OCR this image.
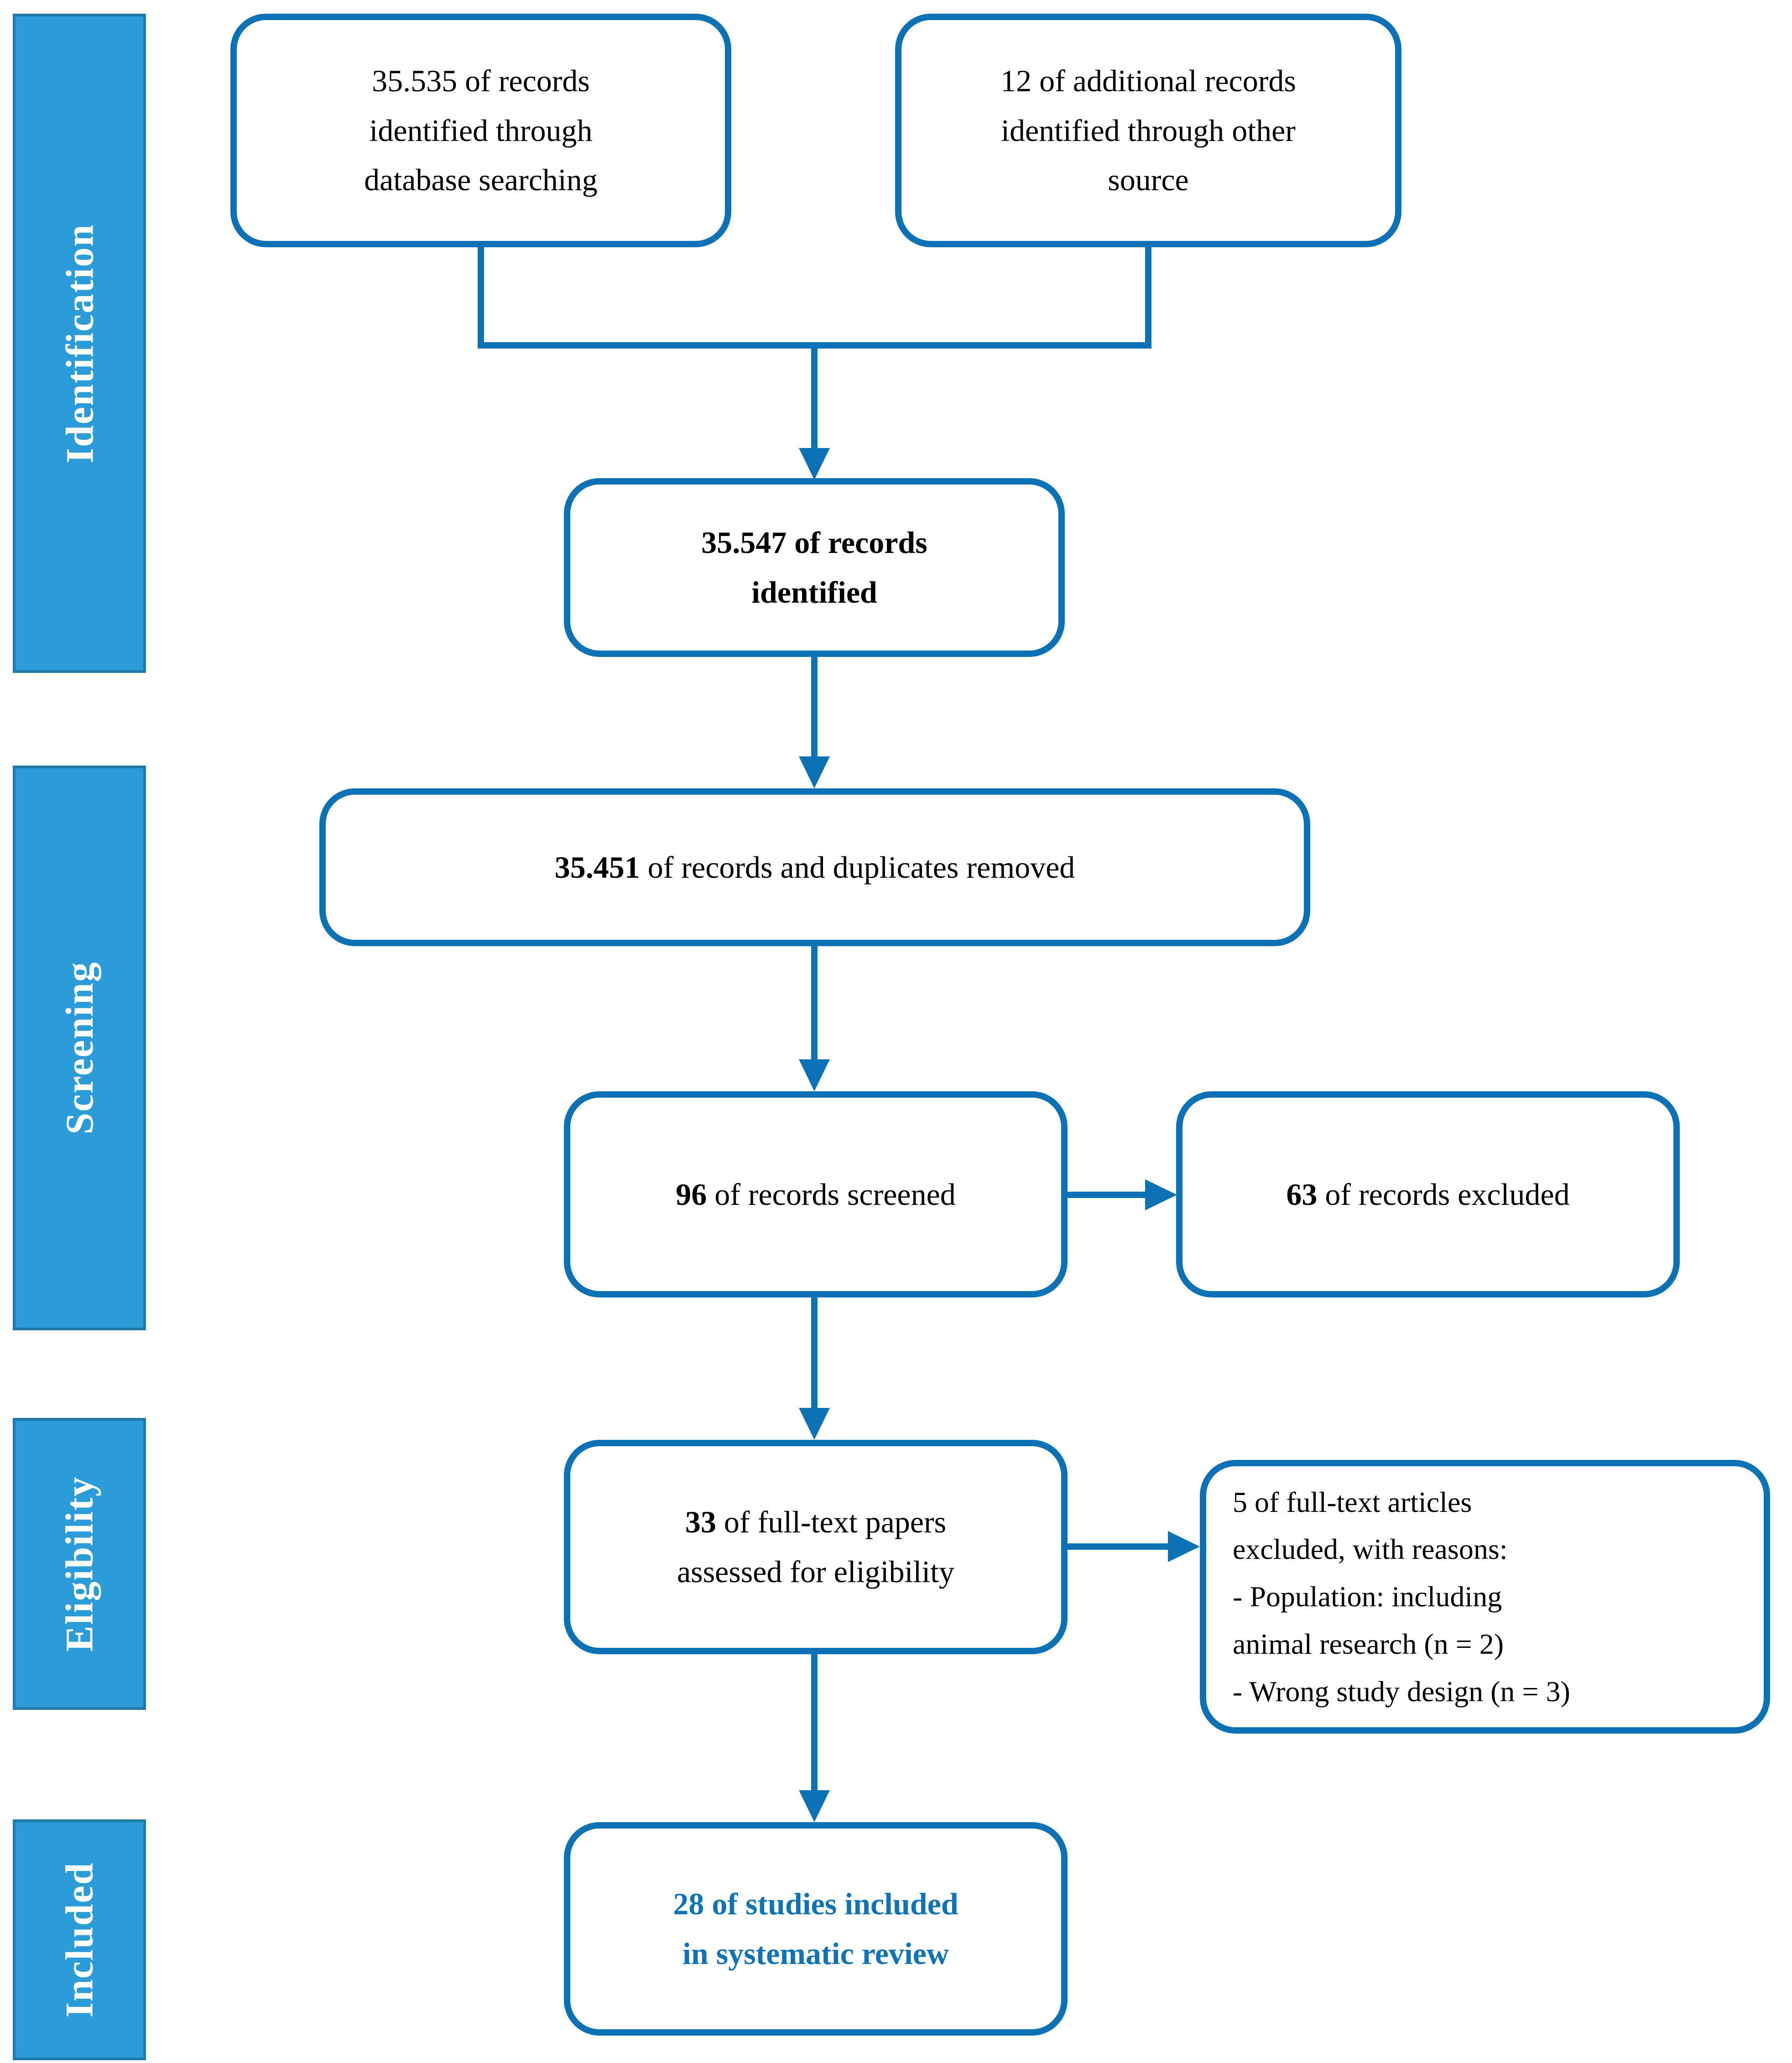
Identification
Screening
Eligibility
Included
35.535 of records
identified through
database searching
12 of additional records
identified through other
source
35.547 of records
identified
35.451 of records and duplicates removed
96 of records screened	63 of records excluded
33 of full-text papers
assessed for eligibility
5 of full-text articles
excluded, with reasons:
- Population: including
animal research (n = 2)
- Wrong study design (n = 3)
28 of studies included
in systematic review
